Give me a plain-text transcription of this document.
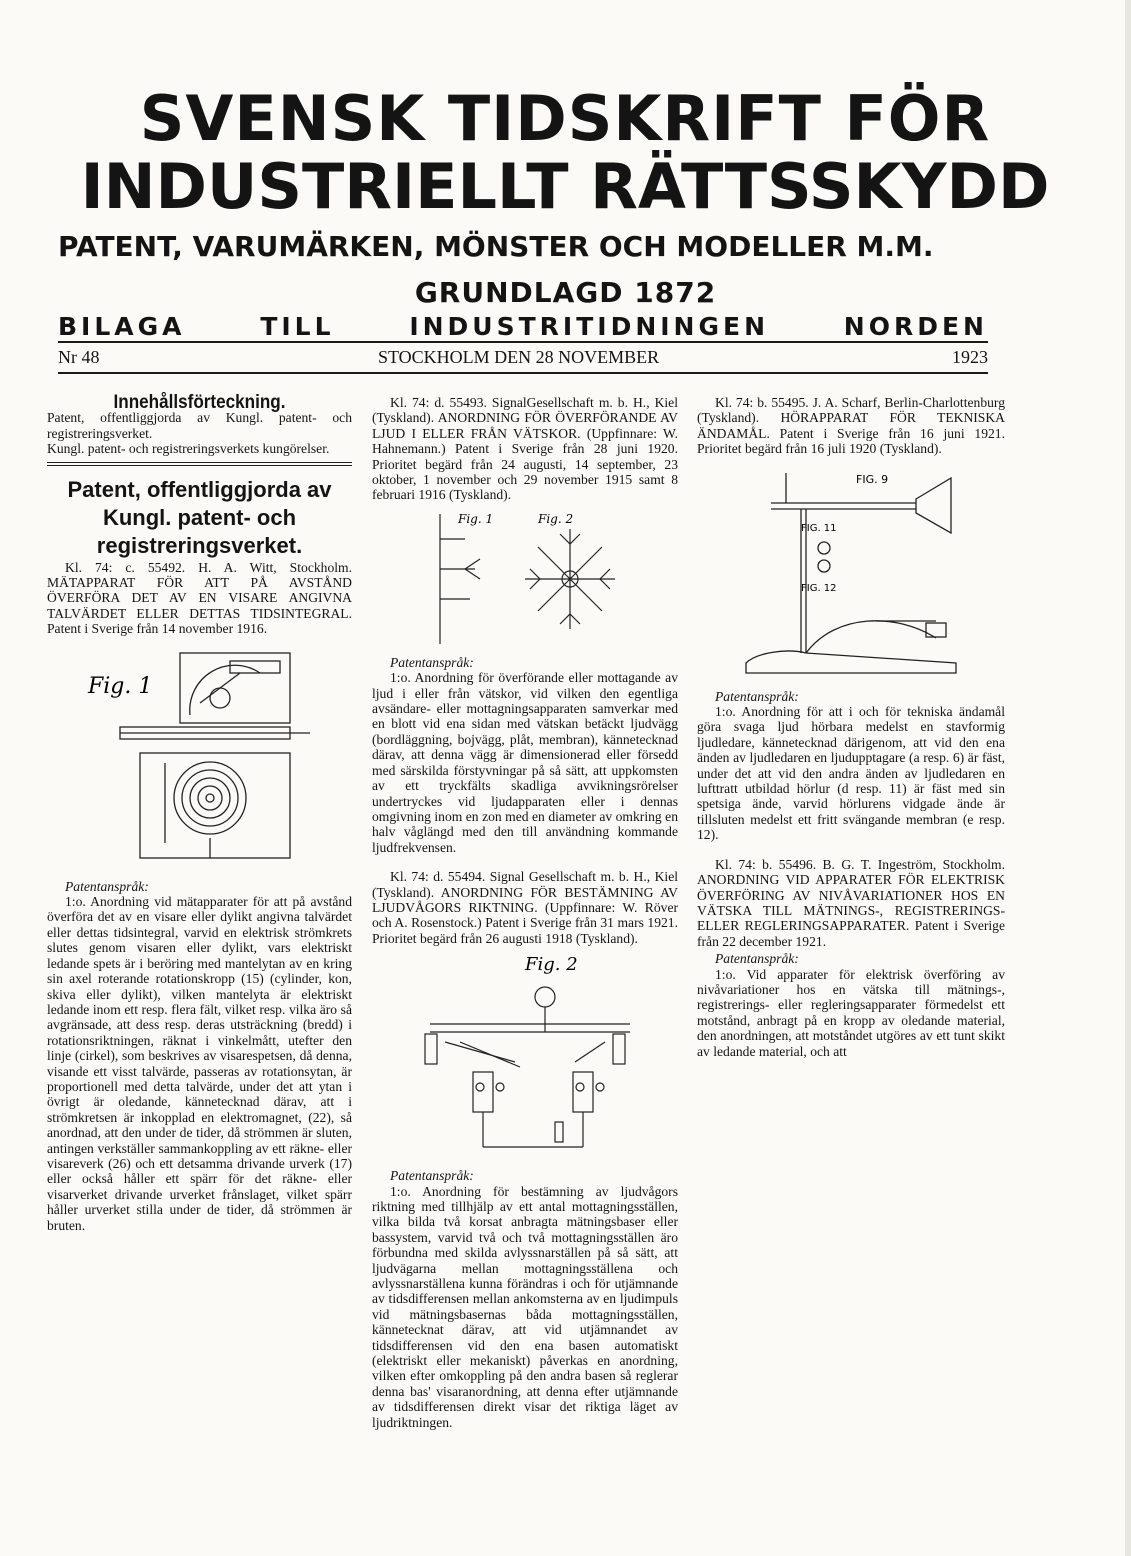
SVENSK TIDSKRIFT FÖR
INDUSTRIELLT RÄTTSSKYDD
PATENT, VARUMÄRKEN, MÖNSTER OCH MODELLER M.M.
GRUNDLAGD 1872
BILAGA	TILL	INDUSTRITIDNINGEN	NORDEN
Nr 48	STOCKHOLM DEN 28 NOVEMBER	1923

Innehållsförteckning.

Patent, offentliggjorda av Kungl. patent- och registreringsverket.

Kungl. patent- och registreringsverkets kungörelser.

Patent, offentliggjorda av Kungl. patent- och registreringsverket.

Kl. 74: c. 55492. H. A. Witt, Stockholm. MÄTAPPARAT FÖR ATT PÅ AVSTÅND ÖVERFÖRA DET AV EN VISARE ANGIVNA TALVÄRDET ELLER DETTAS TIDSINTEGRAL. Patent i Sverige från 14 november 1916.

Fig. 1

Patentanspråk:

1:o. Anordning vid mätapparater för att på avstånd överföra det av en visare eller dylikt angivna talvärdet eller dettas tidsintegral, varvid en elektrisk strömkrets slutes genom visaren eller dylikt, vars elektriskt ledande spets är i beröring med mantelytan av en kring sin axel roterande rotationskropp (15) (cylinder, kon, skiva eller dylikt), vilken mantelyta är elektriskt ledande inom ett resp. flera fält, vilket resp. vilka äro så avgränsade, att dess resp. deras utsträckning (bredd) i rotationsriktningen, räknat i vinkelmått, utefter den linje (cirkel), som beskrives av visarespetsen, då denna, visande ett visst talvärde, passeras av rotationsytan, är proportionell med detta talvärde, under det att ytan i övrigt är oledande, kännetecknad därav, att i strömkretsen är inkopplad en elektromagnet, (22), så anordnad, att den under de tider, då strömmen är sluten, antingen verkställer sammankoppling av ett räkne- eller visareverk (26) och ett detsamma drivande urverk (17) eller också håller ett spärr för det räkne- eller visarverket drivande urverket frånslaget, vilket spärr håller urverket stilla under de tider, då strömmen är bruten.

Kl. 74: d. 55493. SignalGesellschaft m. b. H., Kiel (Tyskland). ANORDNING FÖR ÖVERFÖRANDE AV LJUD I ELLER FRÅN VÄTSKOR. (Uppfinnare: W. Hahnemann.) Patent i Sverige från 28 juni 1920. Prioritet begärd från 24 augusti, 14 september, 23 oktober, 1 november och 29 november 1915 samt 8 februari 1916 (Tyskland).

Fig. 1	Fig. 2

Patentanspråk:

1:o. Anordning för överförande eller mottagande av ljud i eller från vätskor, vid vilken den egentliga avsändare- eller mottagningsapparaten samverkar med en blott vid ena sidan med vätskan betäckt ljudvägg (bordläggning, bojvägg, plåt, membran), kännetecknad därav, att denna vägg är dimensionerad eller försedd med särskilda förstyvningar på så sätt, att uppkomsten av ett tryckfälts skadliga avvikningsrörelser undertryckes vid ljudapparaten eller i dennas omgivning inom en zon med en diameter av omkring en halv våglängd med den till användning kommande ljudfrekvensen.

Kl. 74: d. 55494. Signal Gesellschaft m. b. H., Kiel (Tyskland). ANORDNING FÖR BESTÄMNING AV LJUDVÅGORS RIKTNING. (Uppfinnare: W. Röver och A. Rosenstock.) Patent i Sverige från 31 mars 1921. Prioritet begärd från 26 augusti 1918 (Tyskland).

Fig. 2

Patentanspråk:

1:o. Anordning för bestämning av ljudvågors riktning med tillhjälp av ett antal mottagningsställen, vilka bilda två korsat anbragta mätningsbaser eller bassystem, varvid två och två mottagningsställen äro förbundna med skilda avlyssnarställen på så sätt, att ljudvägarna mellan mottagningsställena och avlyssnarställena kunna förändras i och för utjämnande av tidsdifferensen mellan ankomsterna av en ljudimpuls vid mätningsbasernas båda mottagningsställen, kännetecknat därav, att vid utjämnandet av tidsdifferensen vid den ena basen automatiskt (elektriskt eller mekaniskt) påverkas en anordning, vilken efter omkoppling på den andra basen så reglerar denna bas' visaranordning, att denna efter utjämnande av tidsdifferensen direkt visar det riktiga läget av ljudriktningen.

Kl. 74: b. 55495. J. A. Scharf, Berlin-Charlottenburg (Tyskland). HÖRAPPARAT FÖR TEKNISKA ÄNDAMÅL. Patent i Sverige från 16 juni 1921. Prioritet begärd från 16 juli 1920 (Tyskland).

FIG. 9
FIG. 11
FIG. 12

Patentanspråk:

1:o. Anordning för att i och för tekniska ändamål göra svaga ljud hörbara medelst en stavformig ljudledare, kännetecknad därigenom, att vid den ena änden av ljudledaren en ljudupptagare (a resp. 6) är fäst, under det att vid den andra änden av ljudledaren en lufttratt utbildad hörlur (d resp. 11) är fäst med sin spetsiga ände, varvid hörlurens vidgade ände är tillsluten medelst ett fritt svängande membran (e resp. 12).

Kl. 74: b. 55496. B. G. T. Ingeström, Stockholm. ANORDNING VID APPARATER FÖR ELEKTRISK ÖVERFÖRING AV NIVÅVARIATIONER HOS EN VÄTSKA TILL MÄTNINGS-, REGISTRERINGS- ELLER REGLERINGSAPPARATER. Patent i Sverige från 22 december 1921.

Patentanspråk:

1:o. Vid apparater för elektrisk överföring av nivåvariationer hos en vätska till mätnings-, registrerings- eller regleringsapparater förmedelst ett motstånd, anbragt på en kropp av oledande material, den anordningen, att motståndet utgöres av ett tunt skikt av ledande material, och att
